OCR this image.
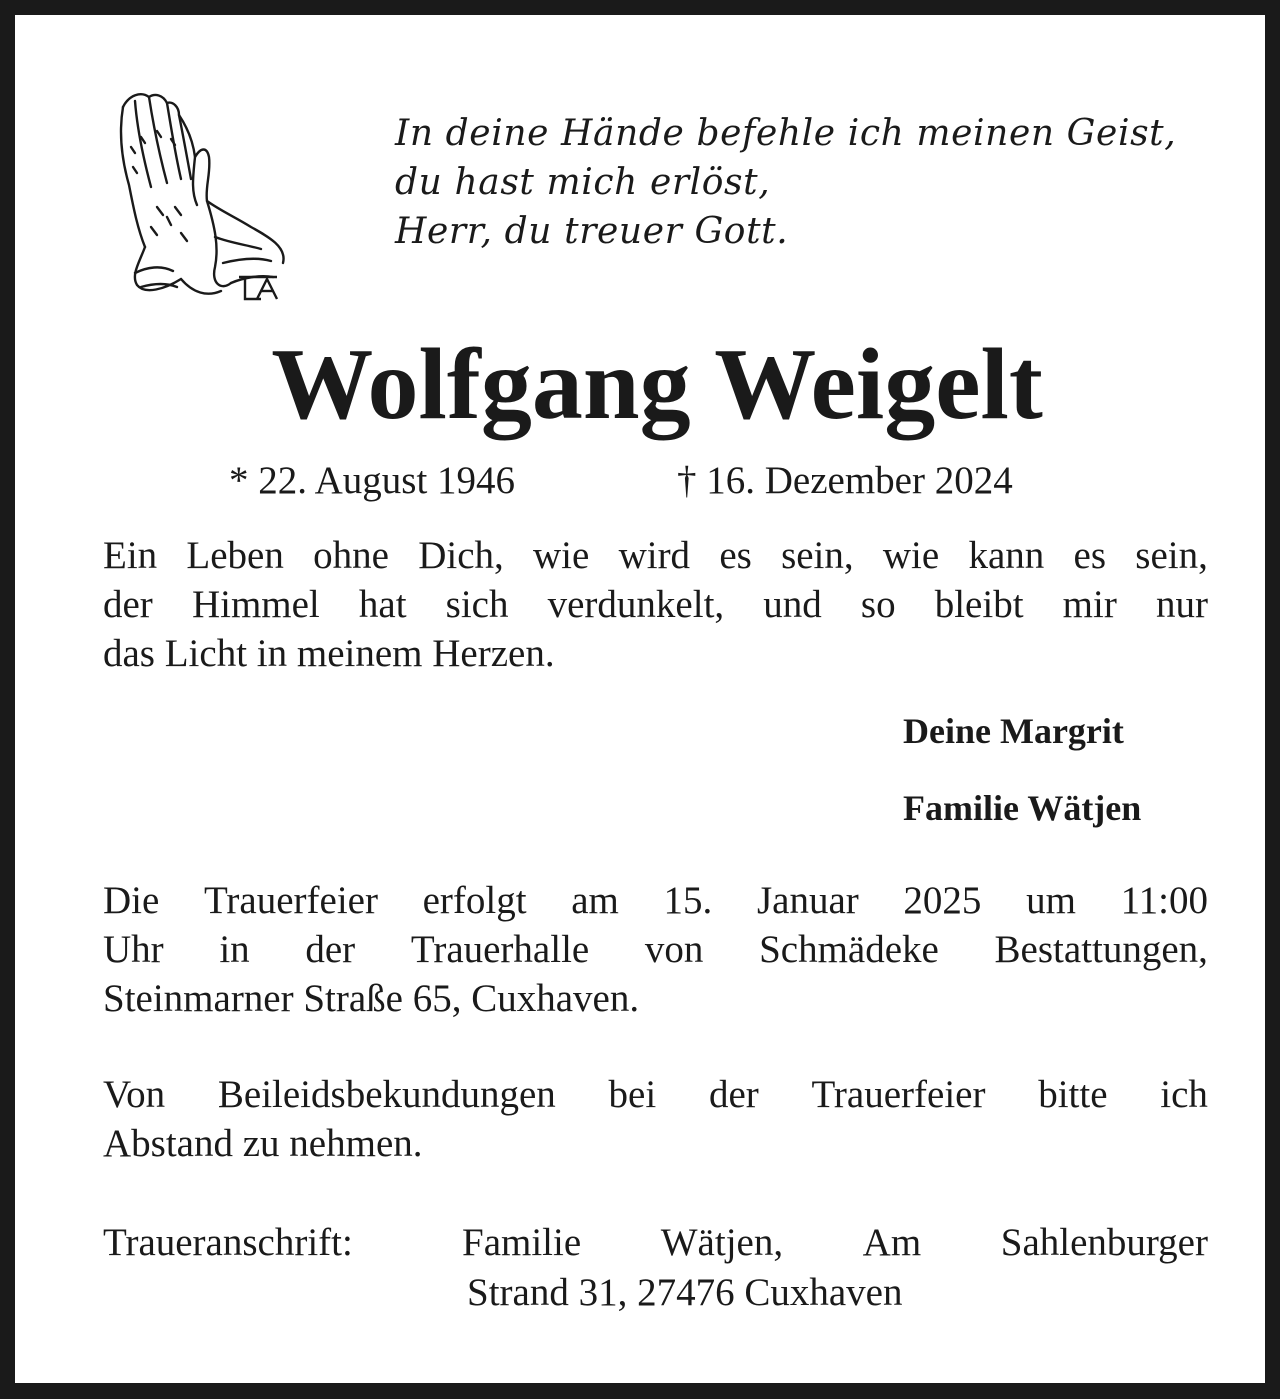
In deine Hände befehle ich meinen Geist,
du hast mich erlöst,
Herr, du treuer Gott.
Wolfgang Weigelt
* 22. August 1946	† 16. Dezember 2024
Ein Leben ohne Dich, wie wird es sein, wie kann es sein,
der Himmel hat sich verdunkelt, und so bleibt mir nur
das Licht in meinem Herzen.
Deine Margrit
Familie Wätjen
Die Trauerfeier erfolgt am 15. Januar 2025 um 11:00
Uhr in der Trauerhalle von Schmädeke Bestattungen,
Steinmarner Straße 65, Cuxhaven.
Von Beileidsbekundungen bei der Trauerfeier bitte ich
Abstand zu nehmen.
Traueranschrift:	Familie Wätjen, Am Sahlenburger
Strand 31, 27476 Cuxhaven
